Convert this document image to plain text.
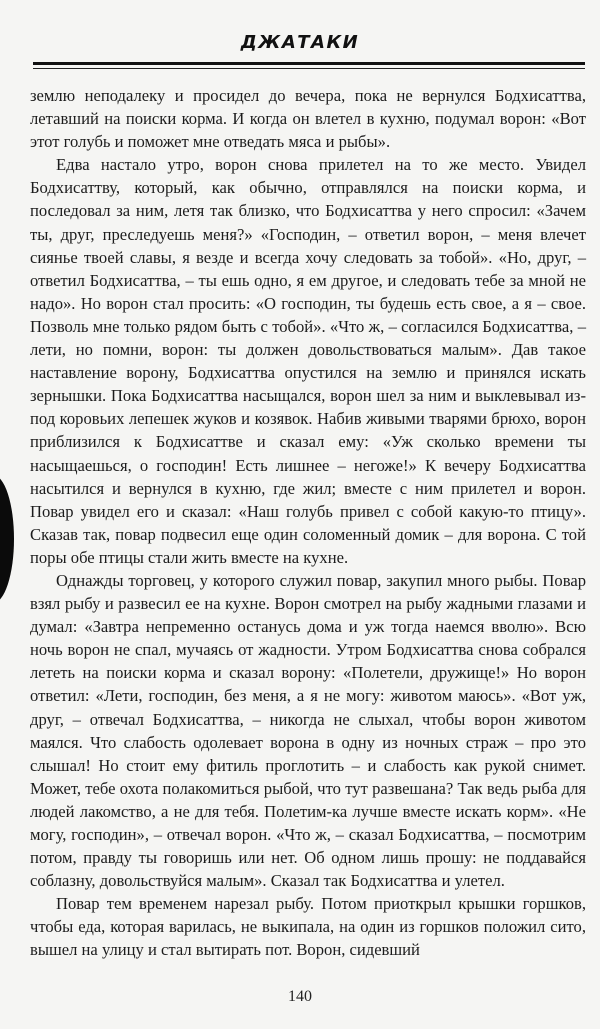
ДЖАТАКИ

землю неподалеку и просидел до вечера, пока не вернулся Бодхисаттва, летавший на поиски корма. И когда он влетел в кухню, подумал ворон: «Вот этот голубь и поможет мне отведать мяса и рыбы».

Едва настало утро, ворон снова прилетел на то же место. Увидел Бодхисаттву, который, как обычно, отправлялся на поиски корма, и последовал за ним, летя так близко, что Бодхисаттва у него спросил: «Зачем ты, друг, преследуешь меня?» «Господин, – ответил ворон, – меня влечет сиянье твоей славы, я везде и всегда хочу следовать за тобой». «Но, друг, – ответил Бодхисаттва, – ты ешь одно, я ем другое, и следовать тебе за мной не надо». Но ворон стал просить: «О господин, ты будешь есть свое, а я – свое. Позволь мне только рядом быть с тобой». «Что ж, – согласился Бодхисаттва, – лети, но помни, ворон: ты должен довольствоваться малым». Дав такое наставление ворону, Бодхисаттва опустился на землю и принялся искать зернышки. Пока Бодхисаттва насыщался, ворон шел за ним и выклевывал из-под коровьих лепешек жуков и козявок. Набив живыми тварями брюхо, ворон приблизился к Бодхисаттве и сказал ему: «Уж сколько времени ты насыщаешься, о господин! Есть лишнее – негоже!» К вечеру Бодхисаттва насытился и вернулся в кухню, где жил; вместе с ним прилетел и ворон. Повар увидел его и сказал: «Наш голубь привел с собой какую-то птицу». Сказав так, повар подвесил еще один соломенный домик – для ворона. С той поры обе птицы стали жить вместе на кухне.

Однажды торговец, у которого служил повар, закупил много рыбы. Повар взял рыбу и развесил ее на кухне. Ворон смотрел на рыбу жадными глазами и думал: «Завтра непременно останусь дома и уж тогда наемся вволю». Всю ночь ворон не спал, мучаясь от жадности. Утром Бодхисаттва снова собрался лететь на поиски корма и сказал ворону: «Полетели, дружище!» Но ворон ответил: «Лети, господин, без меня, а я не могу: животом маюсь». «Вот уж, друг, – отвечал Бодхисаттва, – никогда не слыхал, чтобы ворон животом маялся. Что слабость одолевает ворона в одну из ночных страж – про это слышал! Но стоит ему фитиль проглотить – и слабость как рукой снимет. Может, тебе охота полакомиться рыбой, что тут развешана? Так ведь рыба для людей лакомство, а не для тебя. Полетим-ка лучше вместе искать корм». «Не могу, господин», – отвечал ворон. «Что ж, – сказал Бодхисаттва, – посмотрим потом, правду ты говоришь или нет. Об одном лишь прошу: не поддавайся соблазну, довольствуйся малым». Сказал так Бодхисаттва и улетел.

Повар тем временем нарезал рыбу. Потом приоткрыл крышки горшков, чтобы еда, которая варилась, не выкипала, на один из горшков положил сито, вышел на улицу и стал вытирать пот. Ворон, сидевший

140
